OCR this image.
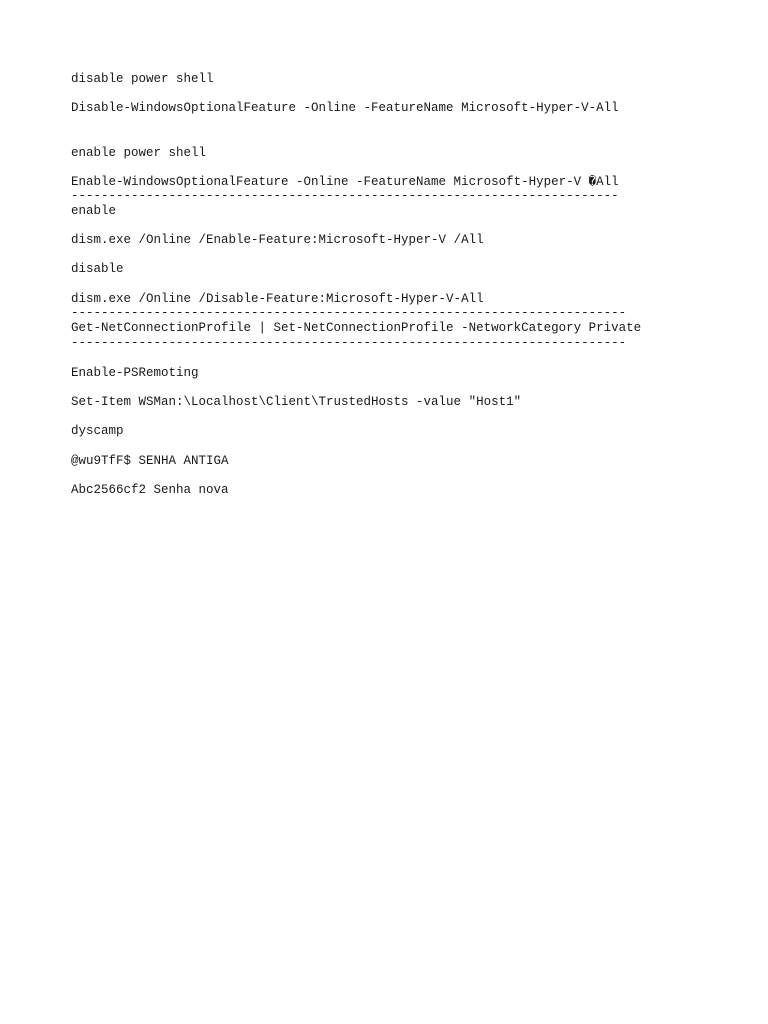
disable power shell

Disable-WindowsOptionalFeature -Online -FeatureName Microsoft-Hyper-V-All

enable power shell

Enable-WindowsOptionalFeature -Online -FeatureName Microsoft-Hyper-V �All

-------------------------------------------------------------------------

enable

dism.exe /Online /Enable-Feature:Microsoft-Hyper-V /All

disable

dism.exe /Online /Disable-Feature:Microsoft-Hyper-V-All

--------------------------------------------------------------------------

Get-NetConnectionProfile | Set-NetConnectionProfile -NetworkCategory Private

--------------------------------------------------------------------------

Enable-PSRemoting

Set-Item WSMan:\Localhost\Client\TrustedHosts -value "Host1"

dyscamp

@wu9TfF$ SENHA ANTIGA

Abc2566cf2 Senha nova
